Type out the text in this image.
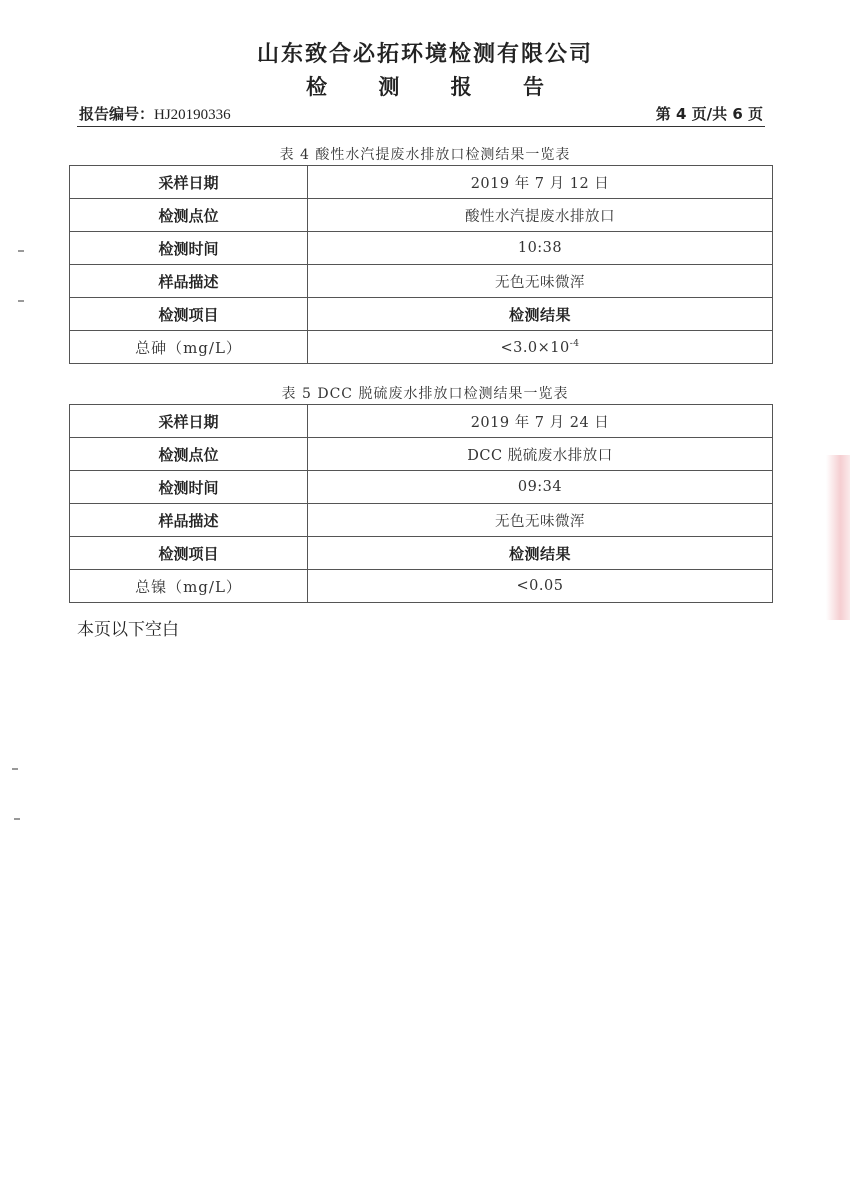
山东致合必拓环境检测有限公司
检 测 报 告
报告编号：HJ20190336	第 4 页/共 6 页
表 4 酸性水汽提废水排放口检测结果一览表
采样日期	2019 年 7 月 12 日
检测点位	酸性水汽提废水排放口
检测时间	10:38
样品描述	无色无味微浑
检测项目	检测结果
总砷（mg/L）	$<3.0\times 10^{-4}$
表 5 DCC 脱硫废水排放口检测结果一览表
采样日期	2019 年 7 月 24 日
检测点位	DCC 脱硫废水排放口
检测时间	09:34
样品描述	无色无味微浑
检测项目	检测结果
总镍（mg/L）	<0.05
本页以下空白
